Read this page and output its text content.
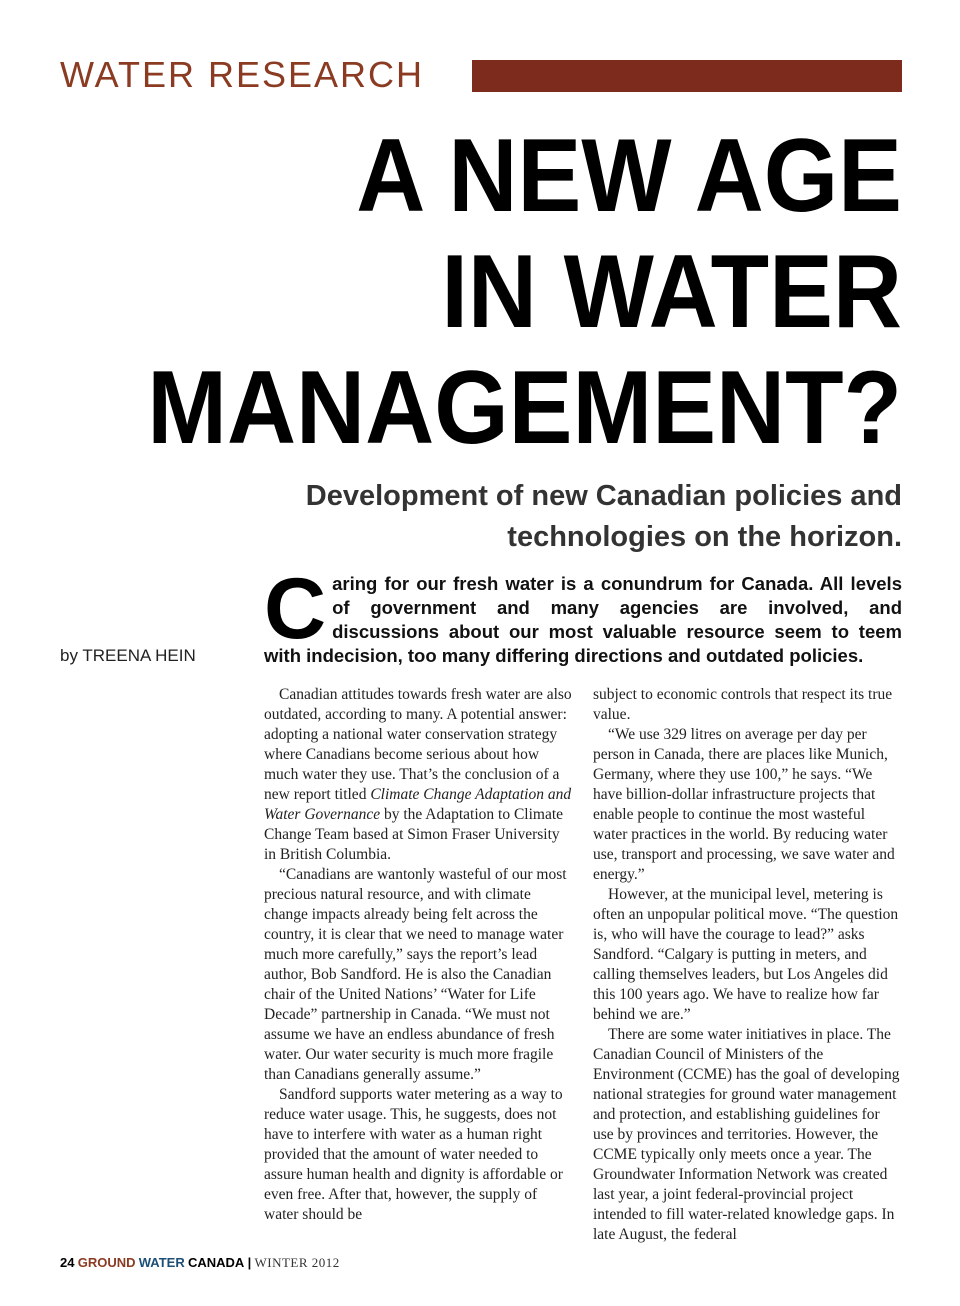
WATER RESEARCH
A NEW AGE
IN WATER
MANAGEMENT?
Development of new Canadian policies and
technologies on the horizon.
by TREENA HEIN Caring for our fresh water is a conundrum for Canada. All levels of government and many agencies are involved, and discussions about our most valuable resource seem to teem with indecision, too many differing directions and outdated policies.

Canadian attitudes towards fresh water are also outdated, according to many. A potential answer: adopting a national water conservation strategy where Canadians become serious about how much water they use. That’s the conclusion of a new report titled Climate Change Adaptation and Water Governance by the Adaptation to Climate Change Team based at Simon Fraser University in British Columbia.

“Canadians are wantonly wasteful of our most precious natural resource, and with climate change impacts already being felt across the country, it is clear that we need to manage water much more carefully,” says the report’s lead author, Bob Sandford. He is also the Canadian chair of the United Nations’ “Water for Life Decade” partnership in Canada. “We must not assume we have an endless abundance of fresh water. Our water security is much more fragile than Canadians generally assume.”

Sandford supports water metering as a way to reduce water usage. This, he suggests, does not have to interfere with water as a human right provided that the amount of water needed to assure human health and dignity is affordable or even free. After that, however, the supply of water should be

subject to economic controls that respect its true value.

“We use 329 litres on average per day per person in Canada, there are places like Munich, Germany, where they use 100,” he says. “We have billion-dollar infrastructure projects that enable people to continue the most wasteful water practices in the world. By reducing water use, transport and processing, we save water and energy.”

However, at the municipal level, metering is often an unpopular political move. “The question is, who will have the courage to lead?” asks Sandford. “Calgary is putting in meters, and calling themselves leaders, but Los Angeles did this 100 years ago. We have to realize how far behind we are.”

There are some water initiatives in place. The Canadian Council of Ministers of the Environment (CCME) has the goal of developing national strategies for ground water management and protection, and establishing guidelines for use by provinces and territories. However, the CCME typically only meets once a year. The Groundwater Information Network was created last year, a joint federal-provincial project intended to fill water-related knowledge gaps. In late August, the federal

24 GROUND WATER CANADA | WINTER 2012
